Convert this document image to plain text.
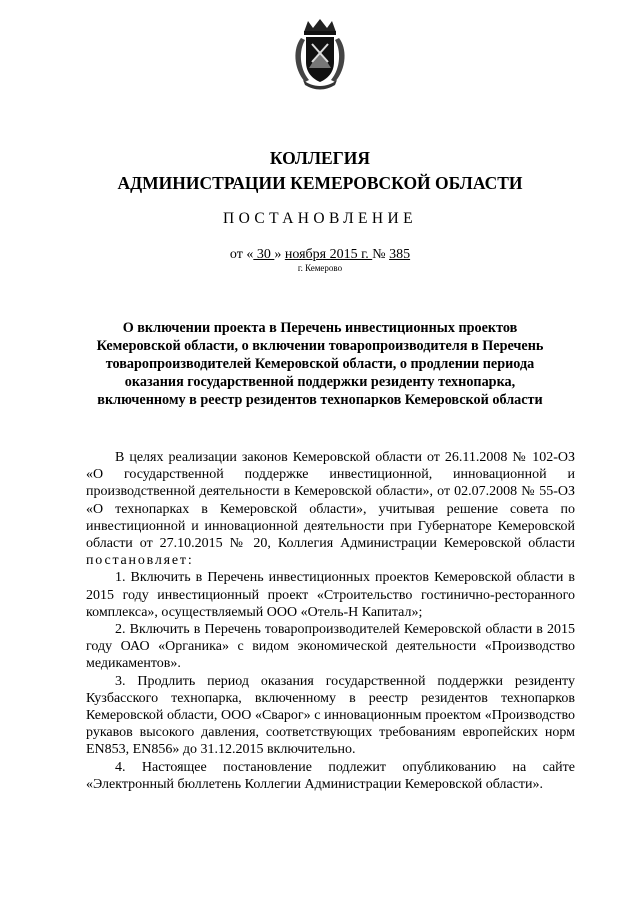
КОЛЛЕГИЯ
АДМИНИСТРАЦИИ КЕМЕРОВСКОЙ ОБЛАСТИ
ПОСТАНОВЛЕНИЕ
от « 30 » ноября 2015 г. № 385
г. Кемерово
О включении проекта в Перечень инвестиционных проектов Кемеровской области, о включении товаропроизводителя в Перечень товаропроизводителей Кемеровской области, о продлении периода оказания государственной поддержки резиденту технопарка, включенному в реестр резидентов технопарков Кемеровской области

В целях реализации законов Кемеровской области от 26.11.2008 № 102-ОЗ «О государственной поддержке инвестиционной, инновационной и производственной деятельности в Кемеровской области», от 02.07.2008 № 55-ОЗ «О технопарках в Кемеровской области», учитывая решение совета по инвестиционной и инновационной деятельности при Губернаторе Кемеровской области от 27.10.2015 № 20, Коллегия Администрации Кемеровской области постановляет:

1. Включить в Перечень инвестиционных проектов Кемеровской области в 2015 году инвестиционный проект «Строительство гостинично-ресторанного комплекса», осуществляемый ООО «Отель-Н Капитал»;

2. Включить в Перечень товаропроизводителей Кемеровской области в 2015 году ОАО «Органика» с видом экономической деятельности «Производство медикаментов».

3. Продлить период оказания государственной поддержки резиденту Кузбасского технопарка, включенному в реестр резидентов технопарков Кемеровской области, ООО «Сварог» с инновационным проектом «Производство рукавов высокого давления, соответствующих требованиям европейских норм EN853, EN856» до 31.12.2015 включительно.

4. Настоящее постановление подлежит опубликованию на сайте «Электронный бюллетень Коллегии Администрации Кемеровской области».
